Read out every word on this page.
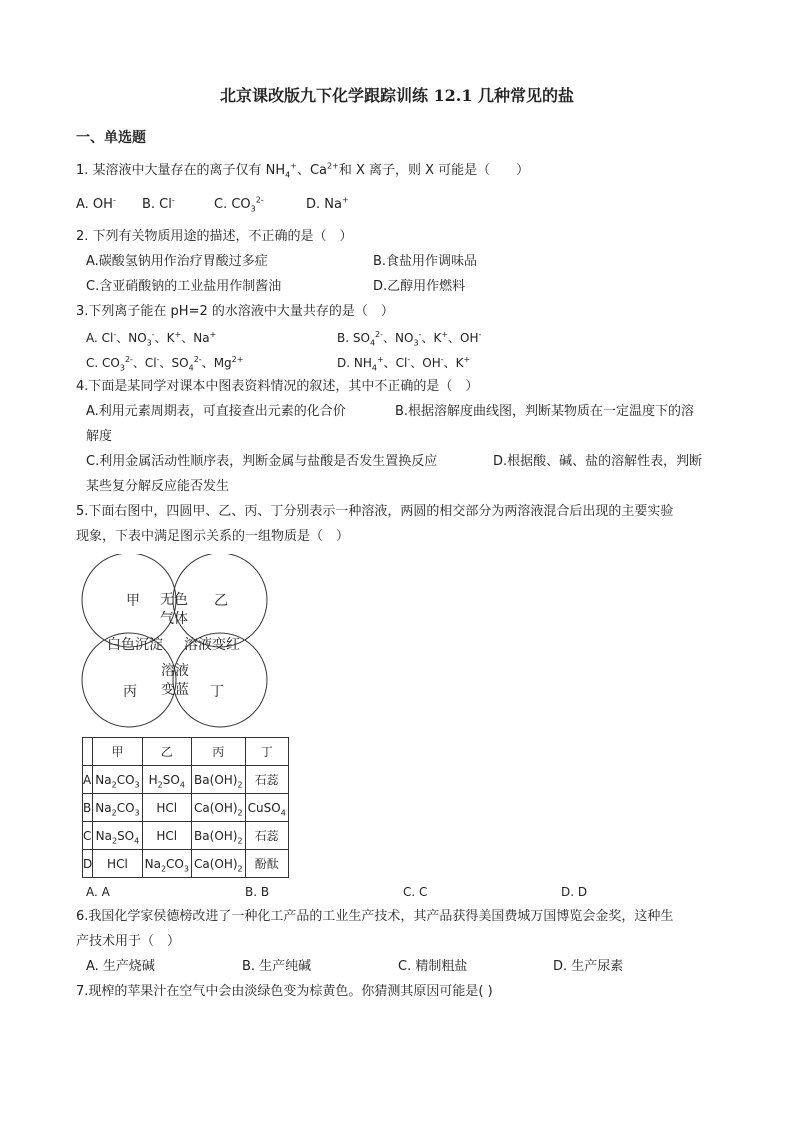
北京课改版九下化学跟踪训练 12.1 几种常见的盐
一、单选题
1. 某溶液中大量存在的离子仅有 $NH_4^+$、$Ca^{2+}$和 X 离子，则 X 可能是（　　）
A. OH- B. Cl-	C. $CO_3^{2-}$	D. Na+
2. 下列有关物质用途的描述，不正确的是（　）
A.碳酸氢钠用作治疗胃酸过多症	B.食盐用作调味品
C.含亚硝酸钠的工业盐用作制酱油	D.乙醇用作燃料
3.下列离子能在 pH=2 的水溶液中大量共存的是（　）
A. Cl-、$NO_3^-$、K+、Na+	B. $SO_4^{2-}$、$NO_3^-$、K+、OH-
C. $CO_3^{2-}$、Cl-、$SO_4^{2-}$、$Mg^{2+}$	D. $NH_4^+$、Cl-、OH-、K+
4.下面是某同学对课本中图表资料情况的叙述，其中不正确的是（　）
A.利用元素周期表，可直接查出元素的化合价	B.根据溶解度曲线图，判断某物质在一定温度下的溶
解度
C.利用金属活动性顺序表，判断金属与盐酸是否发生置换反应	D.根据酸、碱、盐的溶解性表，判断
某些复分解反应能否发生
5.下面右图中，四圆甲、乙、丙、丁分别表示一种溶液，两圆的相交部分为两溶液混合后出现的主要实验
现象，下表中满足图示关系的一组物质是（　）
甲	乙
丙	丁
无色
气体
白色沉淀 溶液变红
溶液
变蓝
	甲	乙	丙	丁
A	$Na_2CO_3$	$H_2SO_4$	$Ba(OH)_2$	石蕊
B	$Na_2CO_3$	HCl	$Ca(OH)_2$	CuSO$_4$
C	$Na_2SO_4$	HCl	$Ba(OH)_2$	石蕊
D	HCl	$Na_2CO_3$	$Ca(OH)_2$	酚酞
A. A	B. B	C. C	D. D
6.我国化学家侯德榜改进了一种化工产品的工业生产技术，其产品获得美国费城万国博览会金奖，这种生
产技术用于（　）
A. 生产烧碱	B. 生产纯碱	C. 精制粗盐	D. 生产尿素
7.现榨的苹果汁在空气中会由淡绿色变为棕黄色。你猜测其原因可能是( )
